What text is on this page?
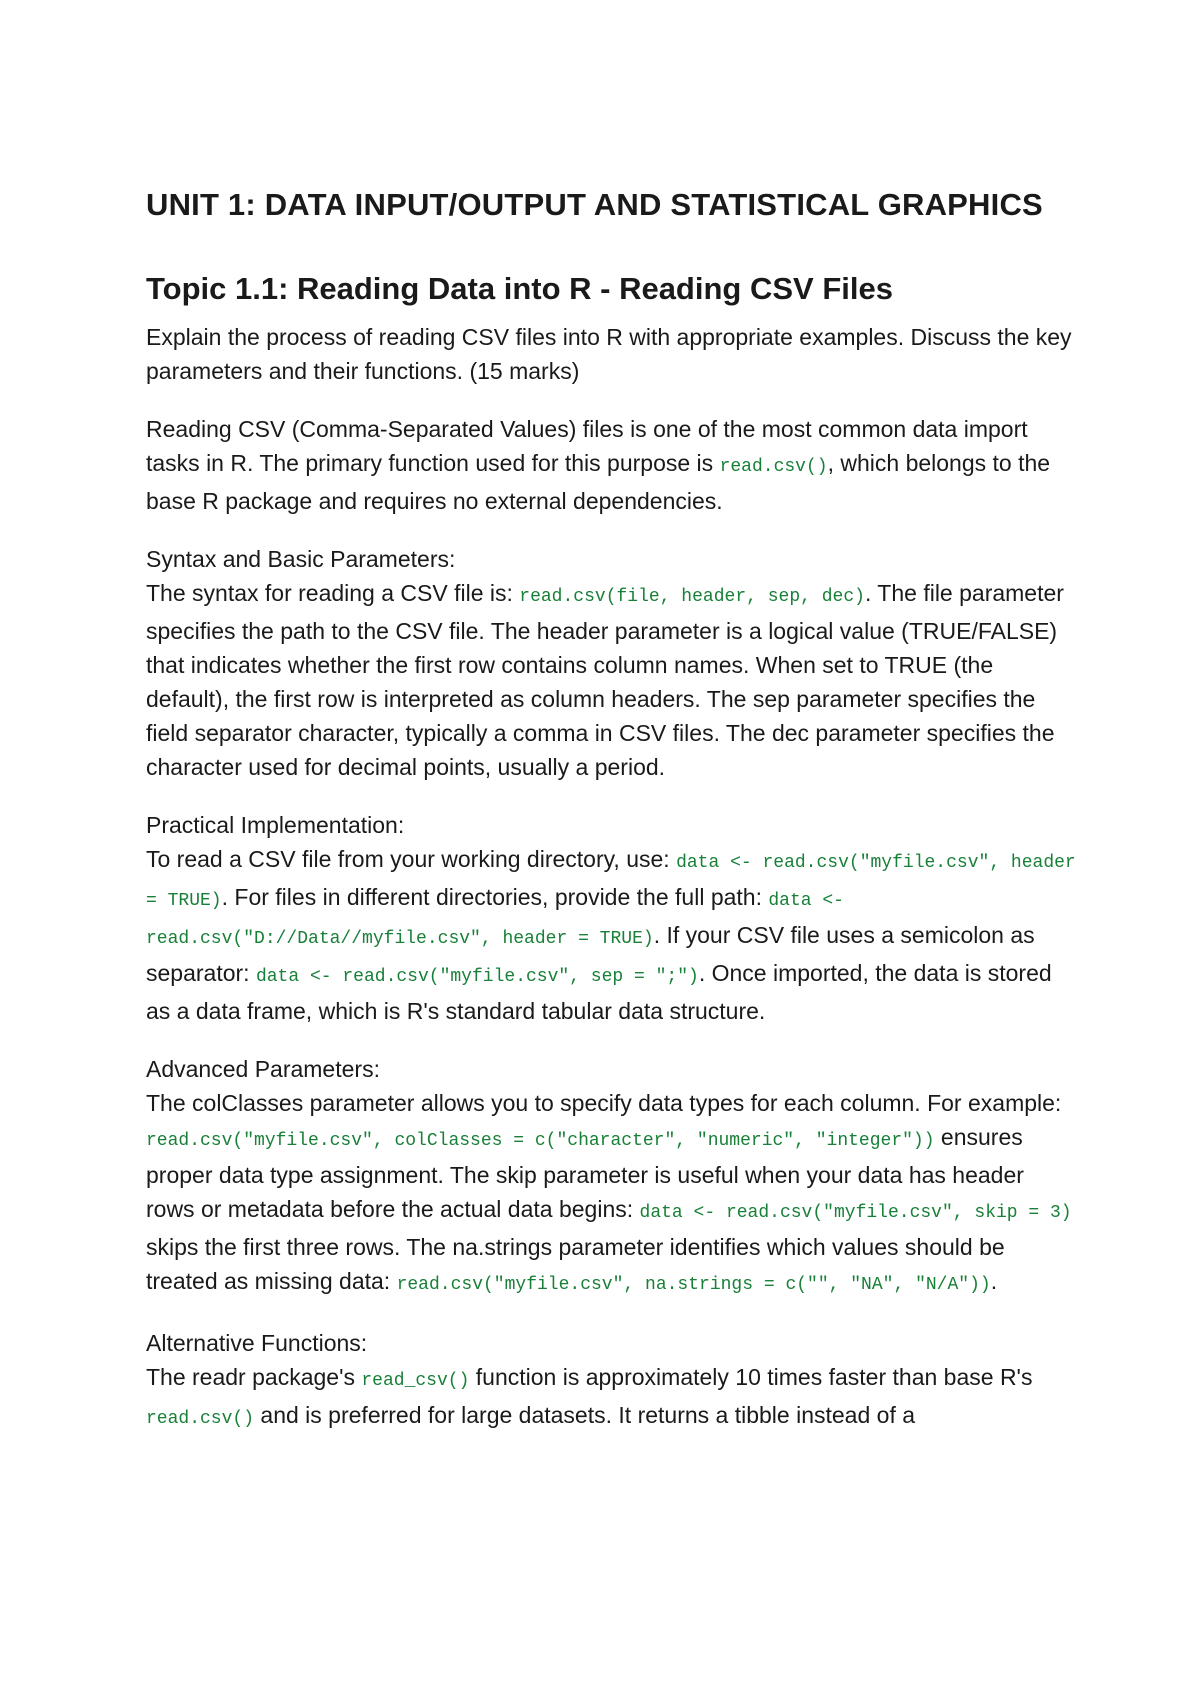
UNIT 1: DATA INPUT/OUTPUT AND STATISTICAL GRAPHICS
Topic 1.1: Reading Data into R - Reading CSV Files

Explain the process of reading CSV files into R with appropriate examples. Discuss the key parameters and their functions. (15 marks)

Reading CSV (Comma-Separated Values) files is one of the most common data import tasks in R. The primary function used for this purpose is read.csv(), which belongs to the base R package and requires no external dependencies.

Syntax and Basic Parameters:

The syntax for reading a CSV file is: read.csv(file, header, sep, dec). The file parameter specifies the path to the CSV file. The header parameter is a logical value (TRUE/FALSE) that indicates whether the first row contains column names. When set to TRUE (the default), the first row is interpreted as column headers. The sep parameter specifies the field separator character, typically a comma in CSV files. The dec parameter specifies the character used for decimal points, usually a period.

Practical Implementation:

To read a CSV file from your working directory, use: data <- read.csv("myfile.csv", header = TRUE). For files in different directories, provide the full path: data <- read.csv("D://Data//myfile.csv", header = TRUE). If your CSV file uses a semicolon as separator: data <- read.csv("myfile.csv", sep = ";"). Once imported, the data is stored as a data frame, which is R's standard tabular data structure.

Advanced Parameters:

The colClasses parameter allows you to specify data types for each column. For example: read.csv("myfile.csv", colClasses = c("character", "numeric", "integer")) ensures proper data type assignment. The skip parameter is useful when your data has header rows or metadata before the actual data begins: data <- read.csv("myfile.csv", skip = 3) skips the first three rows. The na.strings parameter identifies which values should be treated as missing data: read.csv("myfile.csv", na.strings = c("", "NA", "N/A")).

Alternative Functions:

The readr package's read_csv() function is approximately 10 times faster than base R's read.csv() and is preferred for large datasets. It returns a tibble instead of a
